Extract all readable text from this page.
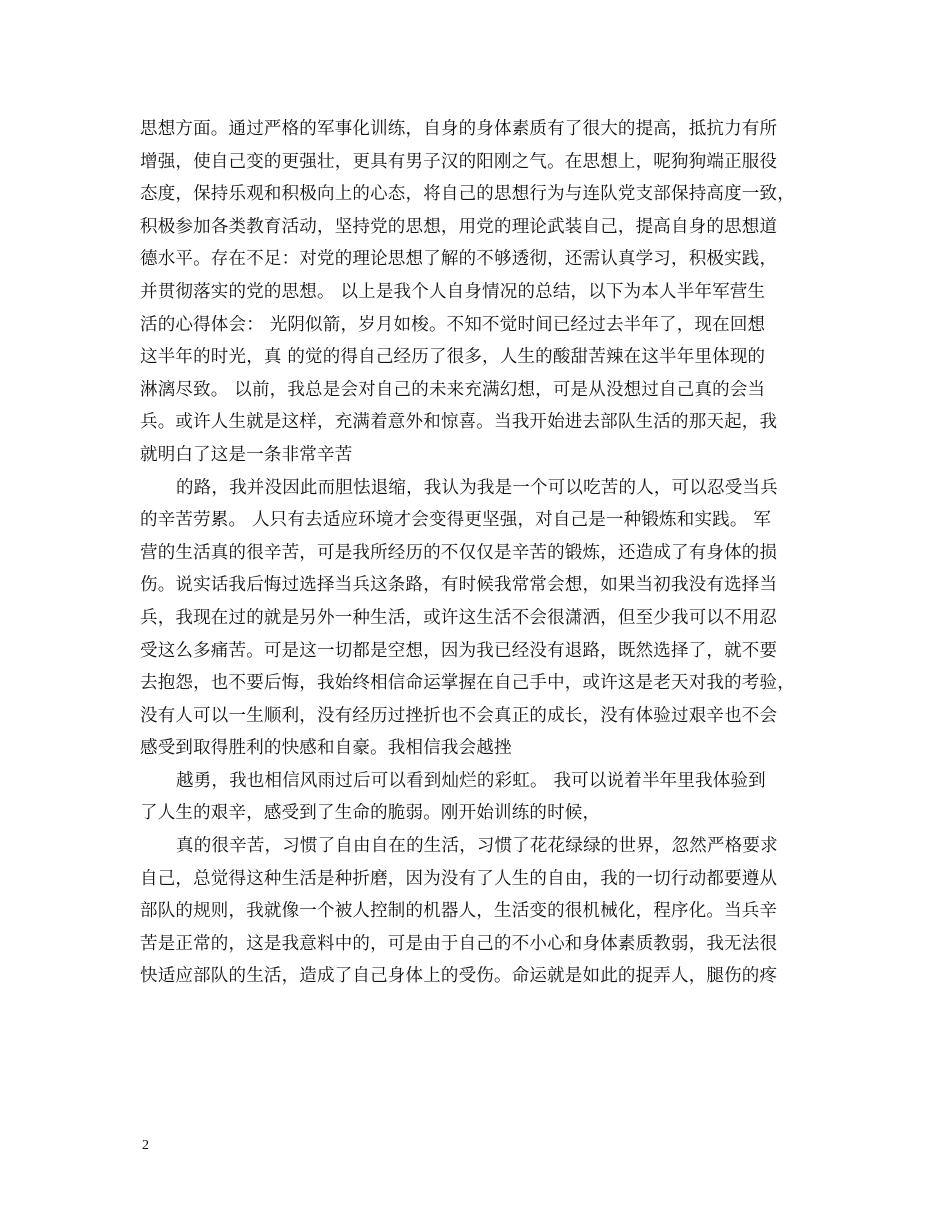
思想方面。通过严格的军事化训练，自身的身体素质有了很大的提高，抵抗力有所
增强，使自己变的更强壮，更具有男子汉的阳刚之气。在思想上，呢狗狗端正服役
态度，保持乐观和积极向上的心态，将自己的思想行为与连队党支部保持高度一致，
积极参加各类教育活动，坚持党的思想，用党的理论武装自己，提高自身的思想道
德水平。存在不足：对党的理论思想了解的不够透彻，还需认真学习，积极实践，
并贯彻落实的党的思想。 以上是我个人自身情况的总结，以下为本人半年军营生
活的心得体会： 光阴似箭，岁月如梭。不知不觉时间已经过去半年了，现在回想
这半年的时光，真 的觉的得自己经历了很多，人生的酸甜苦辣在这半年里体现的
淋漓尽致。 以前，我总是会对自己的未来充满幻想，可是从没想过自己真的会当
兵。或许人生就是这样，充满着意外和惊喜。当我开始进去部队生活的那天起，我
就明白了这是一条非常辛苦
的路，我并没因此而胆怯退缩，我认为我是一个可以吃苦的人，可以忍受当兵
的辛苦劳累。 人只有去适应环境才会变得更坚强，对自己是一种锻炼和实践。 军
营的生活真的很辛苦，可是我所经历的不仅仅是辛苦的锻炼，还造成了有身体的损
伤。说实话我后悔过选择当兵这条路，有时候我常常会想，如果当初我没有选择当
兵，我现在过的就是另外一种生活，或许这生活不会很潇洒，但至少我可以不用忍
受这么多痛苦。可是这一切都是空想，因为我已经没有退路，既然选择了，就不要
去抱怨，也不要后悔，我始终相信命运掌握在自己手中，或许这是老天对我的考验，
没有人可以一生顺利，没有经历过挫折也不会真正的成长，没有体验过艰辛也不会
感受到取得胜利的快感和自豪。我相信我会越挫
越勇，我也相信风雨过后可以看到灿烂的彩虹。 我可以说着半年里我体验到
了人生的艰辛，感受到了生命的脆弱。刚开始训练的时候，
真的很辛苦，习惯了自由自在的生活，习惯了花花绿绿的世界，忽然严格要求
自己，总觉得这种生活是种折磨，因为没有了人生的自由，我的一切行动都要遵从
部队的规则，我就像一个被人控制的机器人，生活变的很机械化，程序化。当兵辛
苦是正常的，这是我意料中的，可是由于自己的不小心和身体素质教弱，我无法很
快适应部队的生活，造成了自己身体上的受伤。命运就是如此的捉弄人，腿伤的疼
2
